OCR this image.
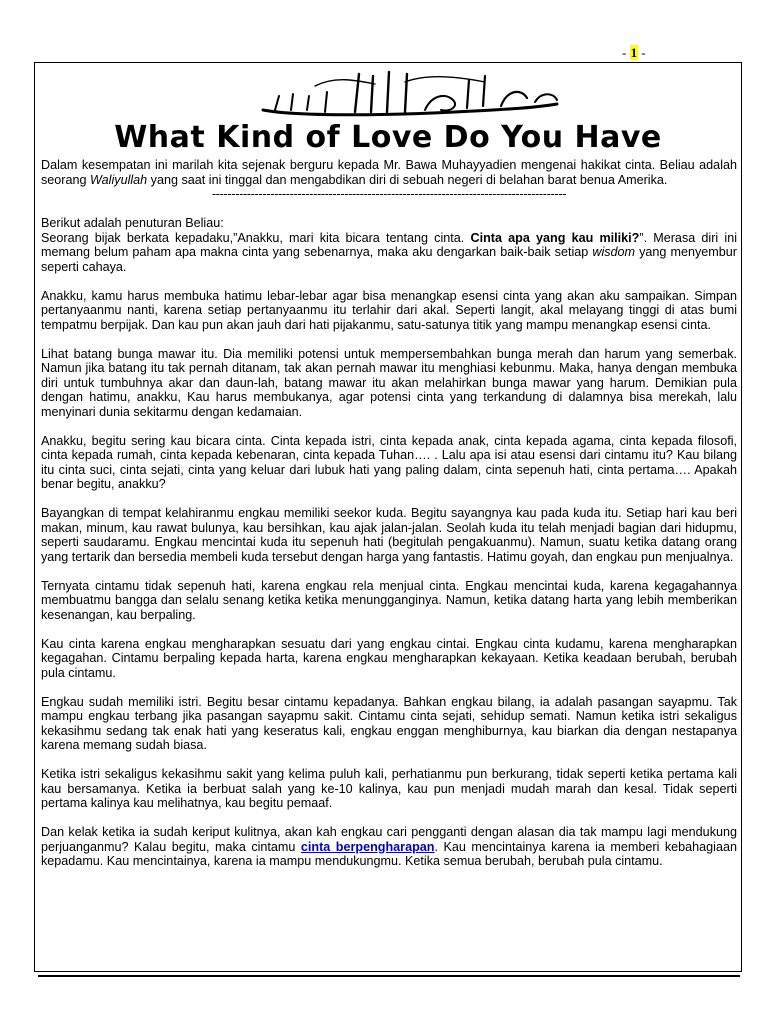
- 1 -
What Kind of Love Do You Have

Dalam kesempatan ini marilah kita sejenak berguru kepada Mr. Bawa Muhayyadien mengenai hakikat cinta. Beliau adalah seorang Waliyullah yang saat ini tinggal dan mengabdikan diri di sebuah negeri di belahan barat benua Amerika.

-------------------------------------------------------------------------------------------

Berikut adalah penuturan Beliau:
Seorang bijak berkata kepadaku,”Anakku, mari kita bicara tentang cinta. Cinta apa yang kau miliki?”. Merasa diri ini memang belum paham apa makna cinta yang sebenarnya, maka aku dengarkan baik-baik setiap wisdom yang menyembur seperti cahaya.

Anakku, kamu harus membuka hatimu lebar-lebar agar bisa menangkap esensi cinta yang akan aku sampaikan. Simpan pertanyaanmu nanti, karena setiap pertanyaanmu itu terlahir dari akal. Seperti langit, akal melayang tinggi di atas bumi tempatmu berpijak. Dan kau pun akan jauh dari hati pijakanmu, satu-satunya titik yang mampu menangkap esensi cinta.

Lihat batang bunga mawar itu. Dia memiliki potensi untuk mempersembahkan bunga merah dan harum yang semerbak. Namun jika batang itu tak pernah ditanam, tak akan pernah mawar itu menghiasi kebunmu. Maka, hanya dengan membuka diri untuk tumbuhnya akar dan daun-lah, batang mawar itu akan melahirkan bunga mawar yang harum. Demikian pula dengan hatimu, anakku, Kau harus membukanya, agar potensi cinta yang terkandung di dalamnya bisa merekah, lalu menyinari dunia sekitarmu dengan kedamaian.

Anakku, begitu sering kau bicara cinta. Cinta kepada istri, cinta kepada anak, cinta kepada agama, cinta kepada filosofi, cinta kepada rumah, cinta kepada kebenaran, cinta kepada Tuhan…. . Lalu apa isi atau esensi dari cintamu itu? Kau bilang itu cinta suci, cinta sejati, cinta yang keluar dari lubuk hati yang paling dalam, cinta sepenuh hati, cinta pertama…. Apakah benar begitu, anakku?

Bayangkan di tempat kelahiranmu engkau memiliki seekor kuda. Begitu sayangnya kau pada kuda itu. Setiap hari kau beri makan, minum, kau rawat bulunya, kau bersihkan, kau ajak jalan-jalan. Seolah kuda itu telah menjadi bagian dari hidupmu, seperti saudaramu. Engkau mencintai kuda itu sepenuh hati (begitulah pengakuanmu). Namun, suatu ketika datang orang yang tertarik dan bersedia membeli kuda tersebut dengan harga yang fantastis. Hatimu goyah, dan engkau pun menjualnya.

Ternyata cintamu tidak sepenuh hati, karena engkau rela menjual cinta. Engkau mencintai kuda, karena kegagahannya membuatmu bangga dan selalu senang ketika ketika menungganginya. Namun, ketika datang harta yang lebih memberikan kesenangan, kau berpaling.

Kau cinta karena engkau mengharapkan sesuatu dari yang engkau cintai. Engkau cinta kudamu, karena mengharapkan kegagahan. Cintamu berpaling kepada harta, karena engkau mengharapkan kekayaan. Ketika keadaan berubah, berubah pula cintamu.

Engkau sudah memiliki istri. Begitu besar cintamu kepadanya. Bahkan engkau bilang, ia adalah pasangan sayapmu. Tak mampu engkau terbang jika pasangan sayapmu sakit. Cintamu cinta sejati, sehidup semati. Namun ketika istri sekaligus kekasihmu sedang tak enak hati yang keseratus kali, engkau enggan menghiburnya, kau biarkan dia dengan nestapanya karena memang sudah biasa.

Ketika istri sekaligus kekasihmu sakit yang kelima puluh kali, perhatianmu pun berkurang, tidak seperti ketika pertama kali kau bersamanya. Ketika ia berbuat salah yang ke-10 kalinya, kau pun menjadi mudah marah dan kesal. Tidak seperti pertama kalinya kau melihatnya, kau begitu pemaaf.

Dan kelak ketika ia sudah keriput kulitnya, akan kah engkau cari pengganti dengan alasan dia tak mampu lagi mendukung perjuanganmu? Kalau begitu, maka cintamu cinta berpengharapan. Kau mencintainya karena ia memberi kebahagiaan kepadamu. Kau mencintainya, karena ia mampu mendukungmu. Ketika semua berubah, berubah pula cintamu.
